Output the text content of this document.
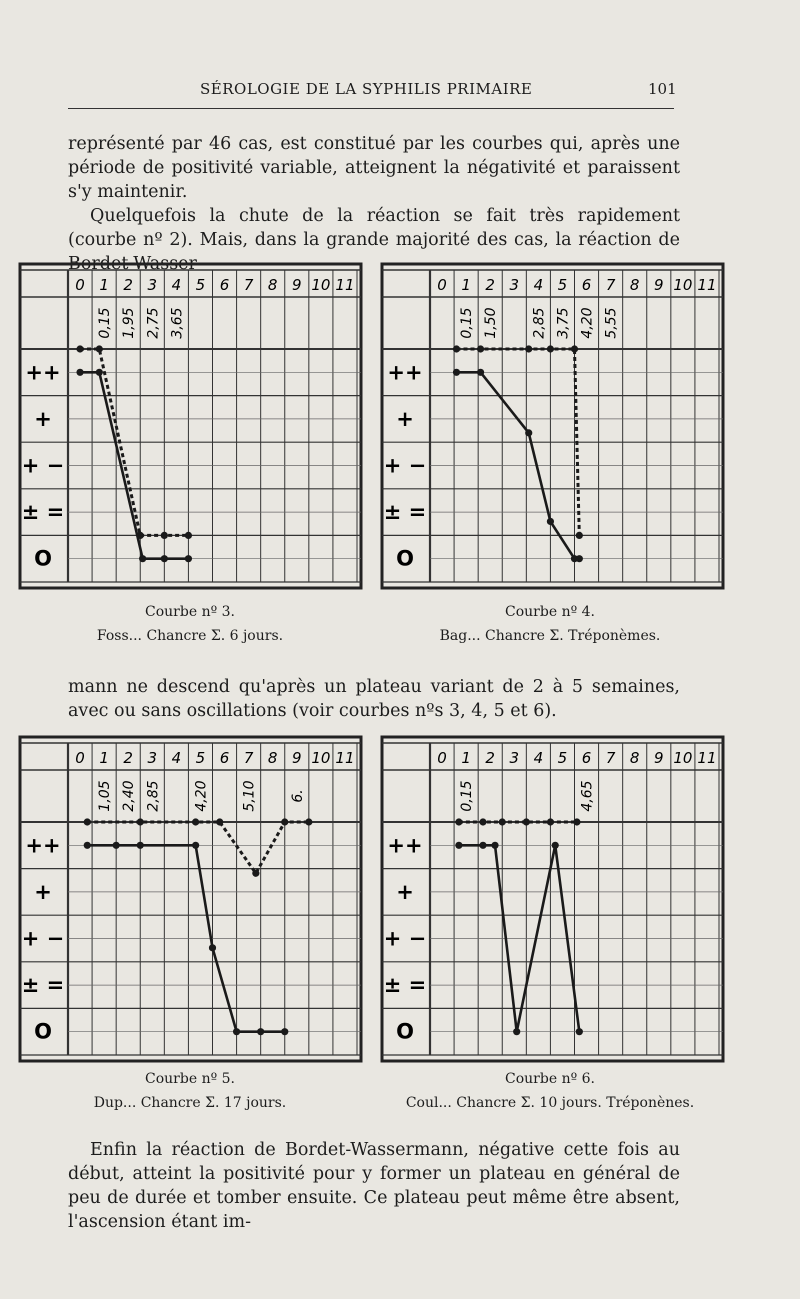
SÉROLOGIE DE LA SYPHILIS PRIMAIRE	101

représenté par 46 cas, est constitué par les courbes qui, après une période de positivité variable, atteignent la négativité et paraissent s'y maintenir.

Quelquefois la chute de la réaction se fait très rapidement (courbe nº 2). Mais, dans la grande majorité des cas, la réaction de Bordet-Wasser-

0 1 2 3 4 5 6 7 8 9 10 11
++
+
+ −
± =
O
0,15 1,95 2,75 3,65
0 1 2 3 4 5 6 7 8 9 10 11
++
+
+ −
± =
O
0,15 1,50 2,85 3,75 4,20 5,55
Courbe nº 3.
Foss... Chancre Σ. 6 jours.
Courbe nº 4.
Bag... Chancre Σ. Tréponèmes.

mann ne descend qu'après un plateau variant de 2 à 5 semaines, avec ou sans oscillations (voir courbes nºs 3, 4, 5 et 6).

0 1 2 3 4 5 6 7 8 9 10 11
++
+
+ −
± =
O
1,05 2,40 2,85 4,20 5,10 6.
0 1 2 3 4 5 6 7 8 9 10 11
++
+
+ −
± =
O
0,15	4,65
Courbe nº 5.
Dup... Chancre Σ. 17 jours.
Courbe nº 6.
Coul... Chancre Σ. 10 jours. Tréponènes.

Enfin la réaction de Bordet-Wassermann, négative cette fois au début, atteint la positivité pour y former un plateau en général de peu de durée et tomber ensuite. Ce plateau peut même être absent, l'ascension étant im-
